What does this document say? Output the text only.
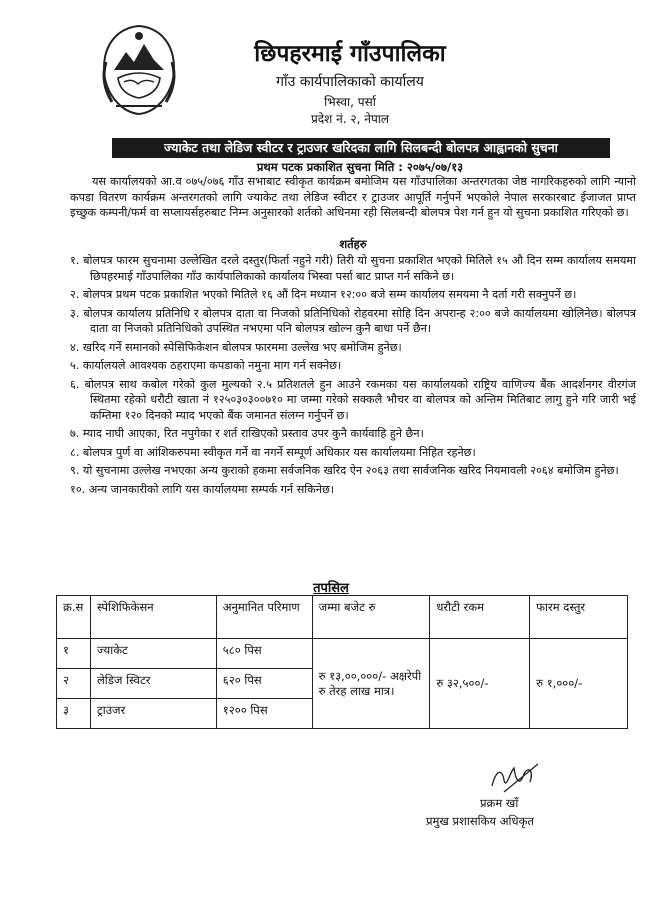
छिपहरमाई गाँउपालिका
गाँउ कार्यपालिकाको कार्यालय
भिस्वा, पर्सा
प्रदेश नं. २, नेपाल
ज्याकेट तथा लेडिज स्वीटर र ट्राउजर खरिदका लागि सिलबन्दी बोलपत्र आह्वानको सुचना
प्रथम पटक प्रकाशित सुचना मिति : २०७५/०७/१३

यस कार्यालयको आ.व ०७५/०७६ गाँउ सभाबाट स्वीकृत कार्यक्रम बमोजिम यस गाँउपालिका अन्तरगतका जेष्ठ नागरिकहरुको लागि न्यानो कपडा वितरण कार्यक्रम अन्तरगतको लागि ज्याकेट तथा लेडिज स्वीटर र ट्राउजर आपूर्ति गर्नुपर्ने भएकोले नेपाल सरकारबाट ईजाजत प्राप्त इच्छुक कम्पनी/फर्म वा सप्लायर्सहरुबाट निम्न अनुसारको शर्तको अधिनमा रही सिलबन्दी बोलपत्र पेश गर्न हुन यो सुचना प्रकाशित गरिएको छ।

शर्तहरु
१. बोलपत्र फारम सुचनामा उल्लेखित दरले दस्तुर(फिर्ता नहुने गरी) तिरी यो सुचना प्रकाशित भएको मितिले १५ औ दिन सम्म कार्यालय समयमा छिपहरमाई गाँउपालिका गाँउ कार्यपालिकाको कार्यालय भिस्वा पर्सा बाट प्राप्त गर्न सकिने छ।
२. बोलपत्र प्रथम पटक प्रकाशित भएको मितिले १६ औं दिन मध्यान १२:०० बजे सम्म कार्यालय समयमा नै दर्ता गरी सक्नुपर्ने छ।
३. बोलपत्र कार्यालय प्रतिनिधि र बोलपत्र दाता वा निजको प्रतिनिधिको रोहवरमा सोहि दिन अपरान्ह २:०० बजे कार्यालयमा खोलिनेछ। बोलपत्र दाता वा निजको प्रतिनिधिको उपस्थित नभएमा पनि बोलपत्र खोल्न कुनै बाधा पर्ने छैन।
४. खरिद गर्ने समानको स्पेसिफिकेशन बोलपत्र फारममा उल्लेख भए बमोजिम हुनेछ।
५. कार्यालयले आवश्यक ठहराएमा कपडाको नमुना माग गर्न सक्नेछ।
६. बोलपत्र साथ कबोल गरेको कुल मुल्यको २.५ प्रतिशतले हुन आउने रकमका यस कार्यालयको राष्ट्रिय वाणिज्य बैंक आदर्शनगर वीरगंज स्थितमा रहेको धरौटी खाता नं १२५०३०३००७१० मा जम्मा गरेको सक्कलै भौचर वा बोलपत्र को अन्तिम मितिबाट लागु हुने गरि जारी भई कम्तिमा १२० दिनको म्याद भएको बैंक जमानत संलग्न गर्नुपर्ने छ।
७. म्याद नाघी आएका, रित नपुगेका र शर्त राखिएको प्रस्ताव उपर कुनै कार्यवाहि हुने छैन।
८. बोलपत्र पुर्ण वा आंशिकरुपमा स्वीकृत गर्ने वा नगर्ने सम्पूर्ण अधिकार यस कार्यालयमा निहित रहनेछ।
९. यो सुचनामा उल्लेख नभएका अन्य कुराको हकमा सर्वजनिक खरिद ऐन २०६३ तथा सार्वजनिक खरिद नियमावली २०६४ बमोजिम हुनेछ।
१०. अन्य जानकारीको लागि यस कार्यालयमा सम्पर्क गर्न सकिनेछ।
तपसिल
क्र.स	स्पेशिफिकेसन	अनुमानित परिमाण	जम्मा बजेट रु	धरौटी रकम	फारम दस्तुर
१	ज्याकेट	५८० पिस	रु १३,००,०००/- अक्षरेपी रु तेरह लाख मात्र।	रु ३२,५००/-	रु १,०००/-
२	लेडिज स्विटर	६२० पिस			
३	ट्राउजर	१२०० पिस			
प्रक्रम खाँ
प्रमुख प्रशासकिय अधिकृत
